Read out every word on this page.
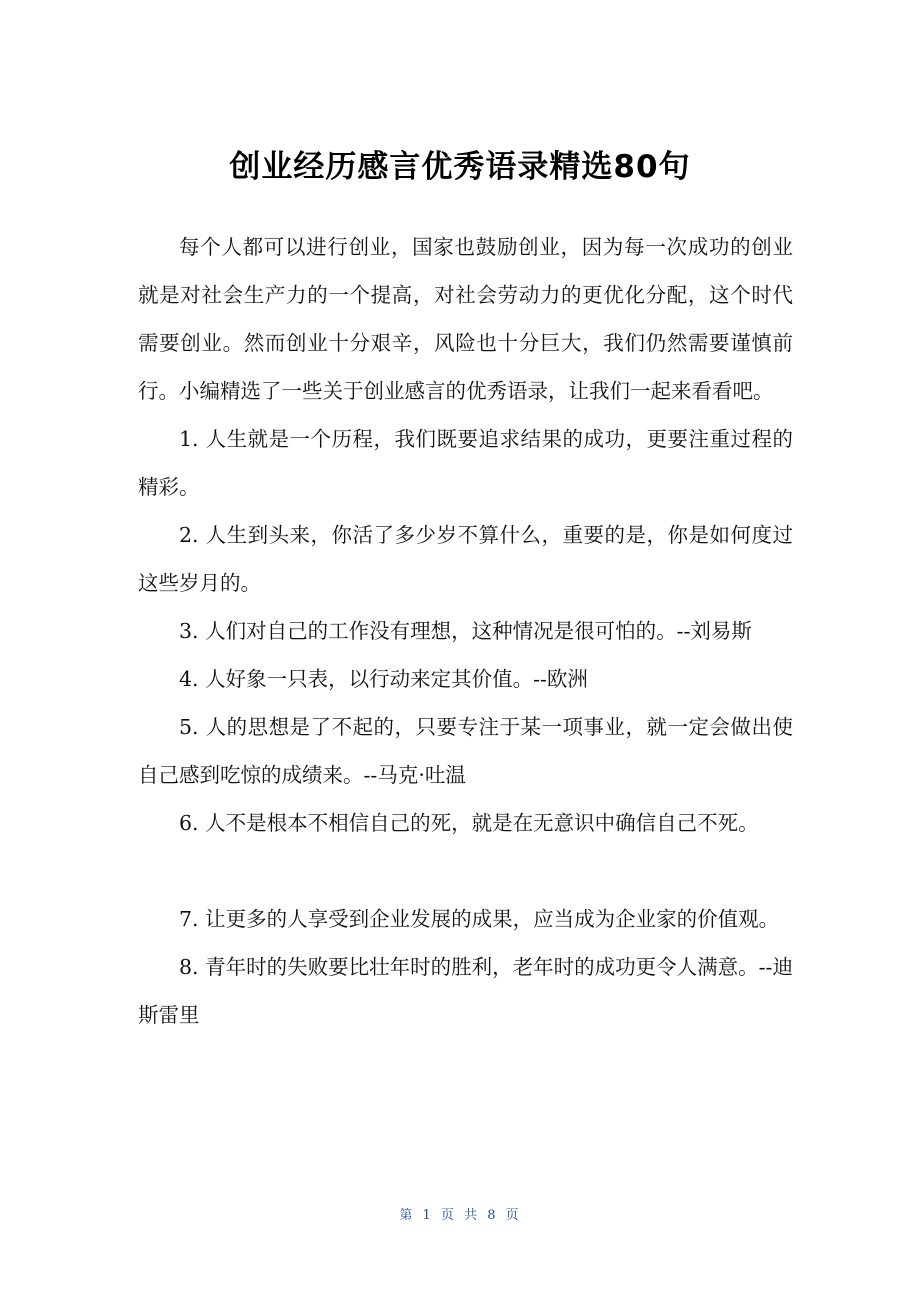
创业经历感言优秀语录精选80句

每个人都可以进行创业，国家也鼓励创业，因为每一次成功的创业就是对社会生产力的一个提高，对社会劳动力的更优化分配，这个时代需要创业。然而创业十分艰辛，风险也十分巨大，我们仍然需要谨慎前行。小编精选了一些关于创业感言的优秀语录，让我们一起来看看吧。

1. 人生就是一个历程，我们既要追求结果的成功，更要注重过程的精彩。

2. 人生到头来，你活了多少岁不算什么，重要的是，你是如何度过这些岁月的。

3. 人们对自己的工作没有理想，这种情况是很可怕的。--刘易斯

4. 人好象一只表，以行动来定其价值。--欧洲

5. 人的思想是了不起的，只要专注于某一项事业，就一定会做出使自己感到吃惊的成绩来。--马克·吐温

6. 人不是根本不相信自己的死，就是在无意识中确信自己不死。

7. 让更多的人享受到企业发展的成果，应当成为企业家的价值观。

8. 青年时的失败要比壮年时的胜利，老年时的成功更令人满意。--迪斯雷里

第 1 页 共 8 页
